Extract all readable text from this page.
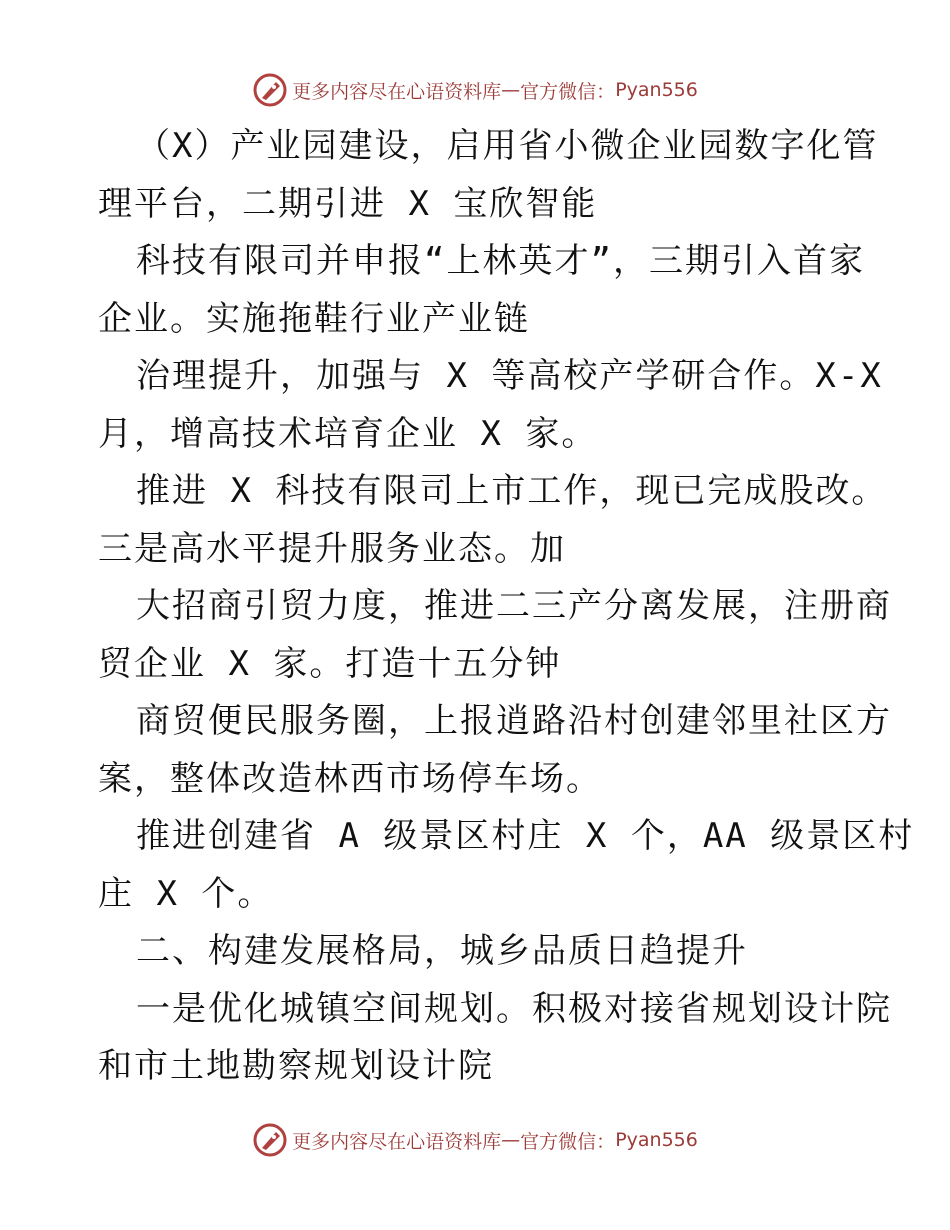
更多内容尽在心语资料库 — 官方微信： Pyan556
（X）产业园建设，启用省小微企业园数字化管
理平台，二期引进 X 宝欣智能
科技有限司并申报“上林英才”，三期引入首家
企业。实施拖鞋行业产业链
治理提升，加强与 X 等高校产学研合作。X-X
月，增高技术培育企业 X 家。
推进 X 科技有限司上市工作，现已完成股改。
三是高水平提升服务业态。加
大招商引贸力度，推进二三产分离发展，注册商
贸企业 X 家。打造十五分钟
商贸便民服务圈，上报逍路沿村创建邻里社区方
案，整体改造林西市场停车场。
推进创建省 A 级景区村庄 X 个，AA 级景区村
庄 X 个。
二、构建发展格局，城乡品质日趋提升
一是优化城镇空间规划。积极对接省规划设计院
和市土地勘察规划设计院
更多内容尽在心语资料库 — 官方微信： Pyan556
